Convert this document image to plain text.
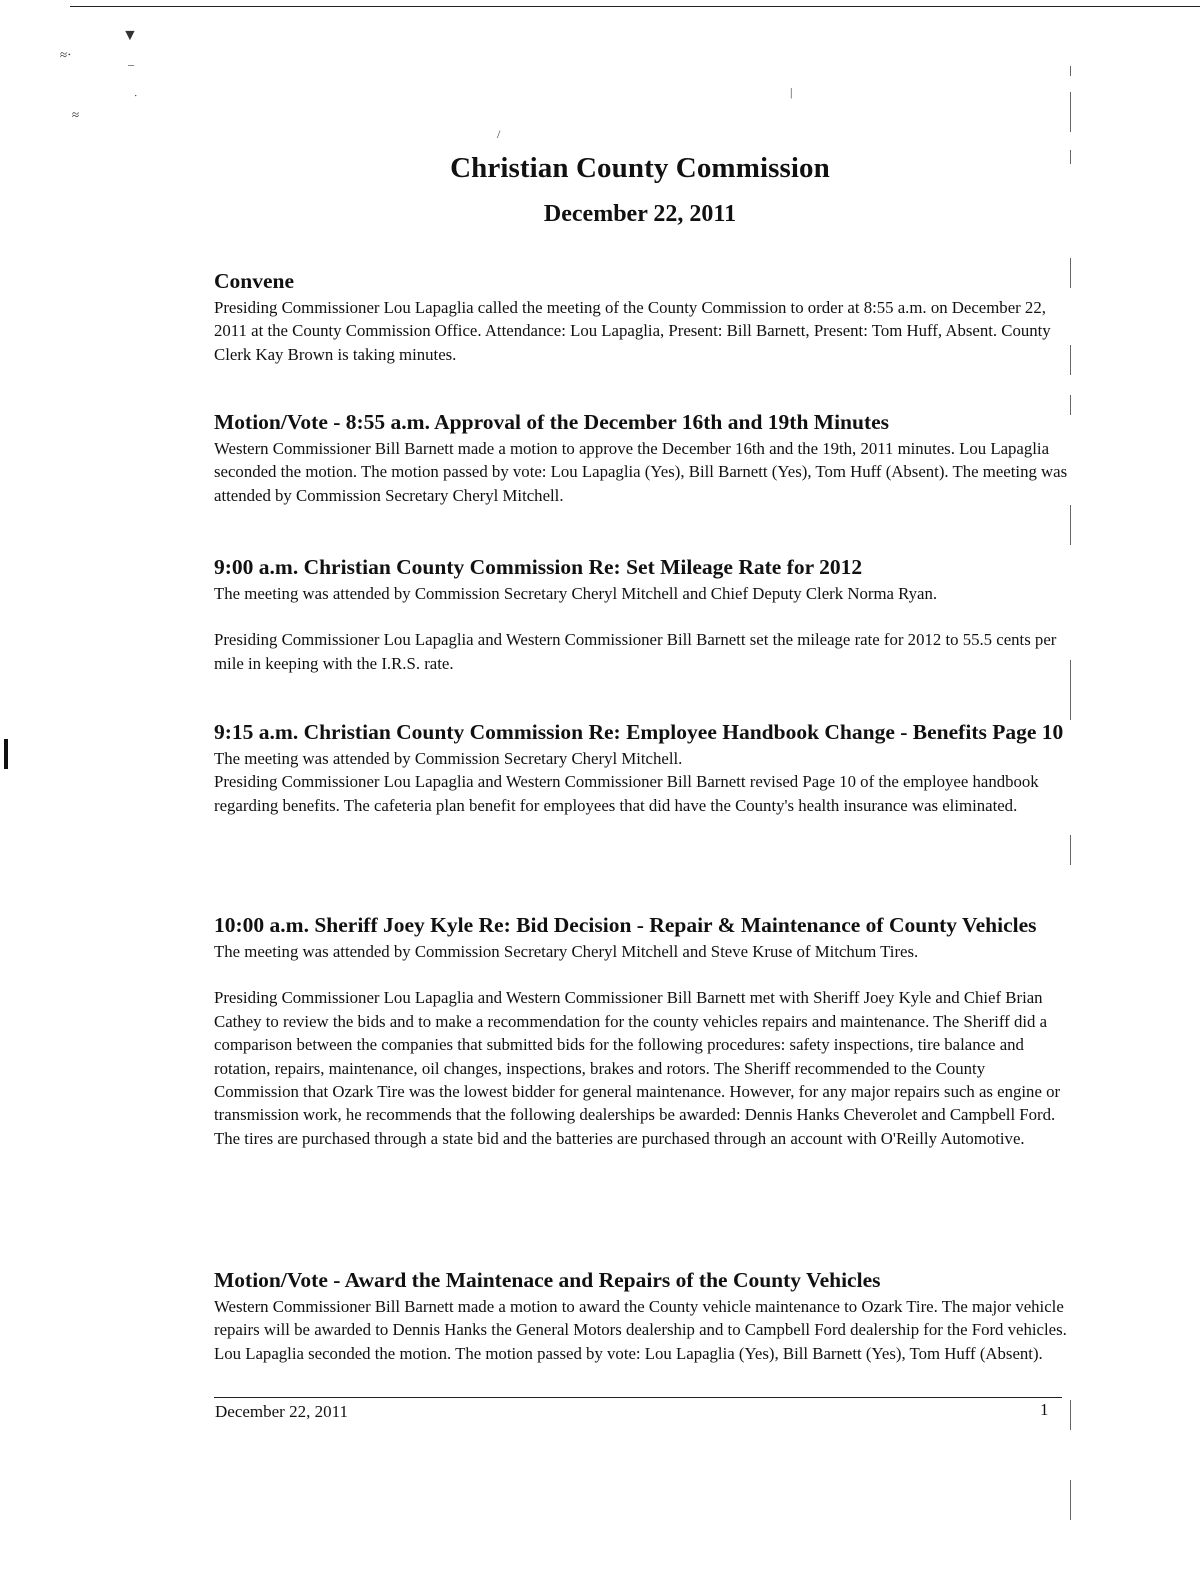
▼
≈⋅
–
≈
⋅	|
/
Christian County Commission
December 22, 2011
Convene

Presiding Commissioner Lou Lapaglia called the meeting of the County Commission to order at 8:55 a.m. on December 22, 2011 at the County Commission Office. Attendance: Lou Lapaglia, Present: Bill Barnett, Present: Tom Huff, Absent. County Clerk Kay Brown is taking minutes.

Motion/Vote - 8:55 a.m. Approval of the December 16th and 19th Minutes

Western Commissioner Bill Barnett made a motion to approve the December 16th and the 19th, 2011 minutes. Lou Lapaglia seconded the motion. The motion passed by vote: Lou Lapaglia (Yes), Bill Barnett (Yes), Tom Huff (Absent). The meeting was attended by Commission Secretary Cheryl Mitchell.

9:00 a.m. Christian County Commission Re: Set Mileage Rate for 2012

The meeting was attended by Commission Secretary Cheryl Mitchell and Chief Deputy Clerk Norma Ryan.

Presiding Commissioner Lou Lapaglia and Western Commissioner Bill Barnett set the mileage rate for 2012 to 55.5 cents per mile in keeping with the I.R.S. rate.

9:15 a.m. Christian County Commission Re: Employee Handbook Change - Benefits Page 10

The meeting was attended by Commission Secretary Cheryl Mitchell.

Presiding Commissioner Lou Lapaglia and Western Commissioner Bill Barnett revised Page 10 of the employee handbook regarding benefits. The cafeteria plan benefit for employees that did have the County's health insurance was eliminated.

10:00 a.m. Sheriff Joey Kyle Re: Bid Decision - Repair & Maintenance of County Vehicles

The meeting was attended by Commission Secretary Cheryl Mitchell and Steve Kruse of Mitchum Tires.

Presiding Commissioner Lou Lapaglia and Western Commissioner Bill Barnett met with Sheriff Joey Kyle and Chief Brian Cathey to review the bids and to make a recommendation for the county vehicles repairs and maintenance. The Sheriff did a comparison between the companies that submitted bids for the following procedures: safety inspections, tire balance and rotation, repairs, maintenance, oil changes, inspections, brakes and rotors. The Sheriff recommended to the County Commission that Ozark Tire was the lowest bidder for general maintenance. However, for any major repairs such as engine or transmission work, he recommends that the following dealerships be awarded: Dennis Hanks Cheverolet and Campbell Ford. The tires are purchased through a state bid and the batteries are purchased through an account with O'Reilly Automotive.

Motion/Vote - Award the Maintenace and Repairs of the County Vehicles

Western Commissioner Bill Barnett made a motion to award the County vehicle maintenance to Ozark Tire. The major vehicle repairs will be awarded to Dennis Hanks the General Motors dealership and to Campbell Ford dealership for the Ford vehicles. Lou Lapaglia seconded the motion. The motion passed by vote: Lou Lapaglia (Yes), Bill Barnett (Yes), Tom Huff (Absent).

December 22, 2011	1
